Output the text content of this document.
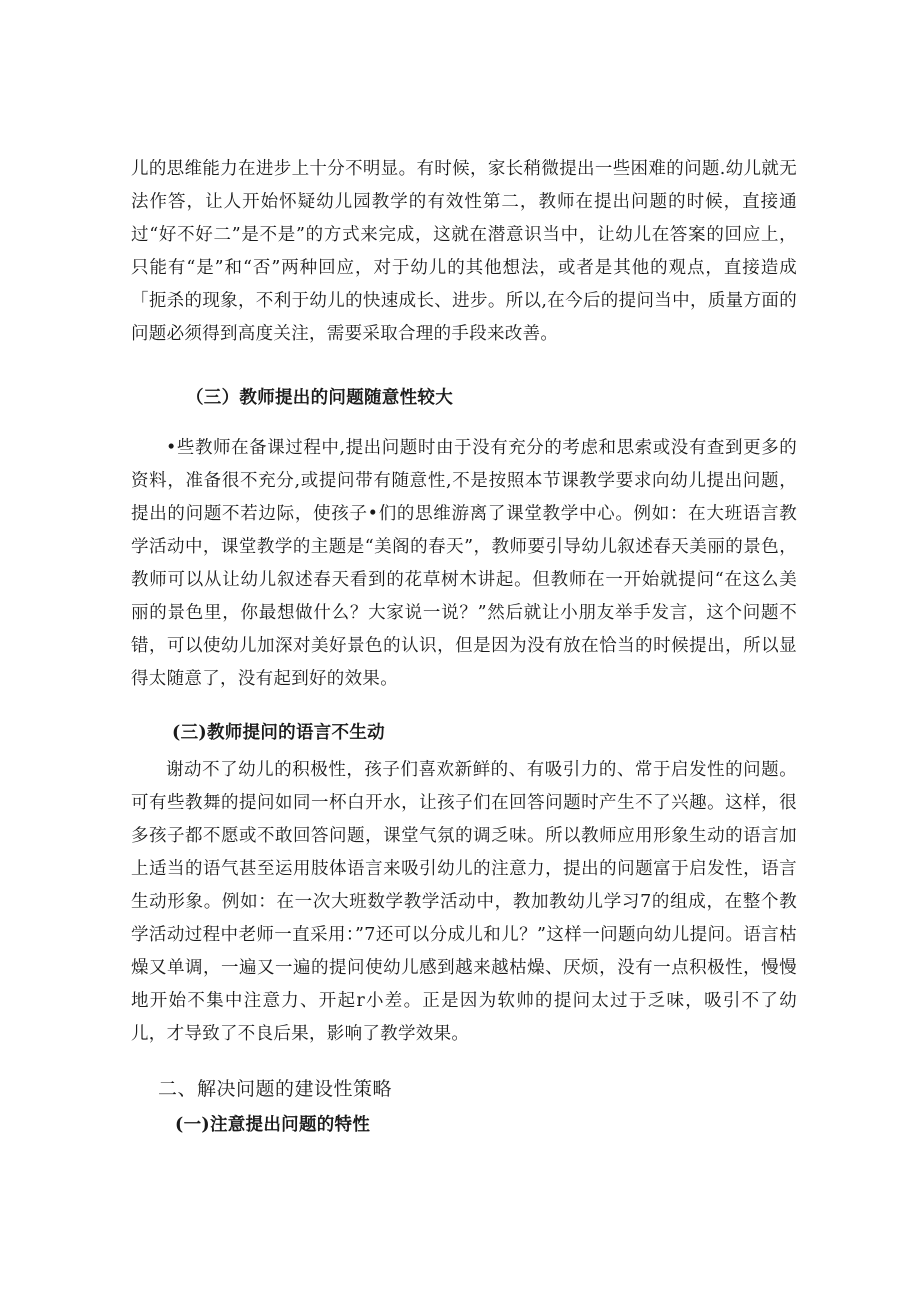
儿的思维能力在进步上十分不明显。有时候，家长稍微提出一些困难的问题.幼儿就无法作答，让人开始怀疑幼儿园教学的有效性第二，教师在提出问题的时候，直接通过“好不好二”是不是”的方式来完成，这就在潜意识当中，让幼儿在答案的回应上，只能有“是”和“否”两种回应，对于幼儿的其他想法，或者是其他的观点，直接造成「扼杀的现象，不利于幼儿的快速成长、进步。所以,在今后的提问当中，质量方面的问题必须得到高度关注，需要采取合理的手段来改善。

（三）教师提出的问题随意性较大

•些教师在备课过程中,提出问题时由于没有充分的考虑和思索或没有查到更多的资料，准备很不充分,或提问带有随意性,不是按照本节课教学要求向幼儿提出问题，提出的问题不若边际，使孩子•们的思维游离了课堂教学中心。例如：在大班语言教学活动中，课堂教学的主题是“美阁的春天”，教师要引导幼儿叙述春天美丽的景色，教师可以从让幼儿叙述春天看到的花草树木讲起。但教师在一开始就提问“在这么美丽的景色里，你最想做什么？大家说一说？”然后就让小朋友举手发言，这个问题不错，可以使幼儿加深对美好景色的认识，但是因为没有放在恰当的时候提出，所以显得太随意了，没有起到好的效果。

(三)教师提问的语言不生动

谢动不了幼儿的积极性，孩子们喜欢新鲜的、有吸引力的、常于启发性的问题。可有些教舞的提问如同一杯白开水，让孩子们在回答问题时产生不了兴趣。这样，很多孩子都不愿或不敢回答问题，课堂气氛的调乏味。所以教师应用形象生动的语言加上适当的语气甚至运用肢体语言来吸引幼儿的注意力，提出的问题富于启发性，语言生动形象。例如：在一次大班数学教学活动中，教加教幼儿学习7的组成，在整个教学活动过程中老师一直采用：”7还可以分成儿和儿？”这样一问题向幼儿提问。语言枯燥又单调，一遍又一遍的提问使幼儿感到越来越枯燥、厌烦，没有一点积极性，慢慢地开始不集中注意力、开起r小差。正是因为软帅的提问太过于乏味，吸引不了幼儿，才导致了不良后果，影响了教学效果。

二、解决问题的建设性策略
(一)注意提出问题的特性
